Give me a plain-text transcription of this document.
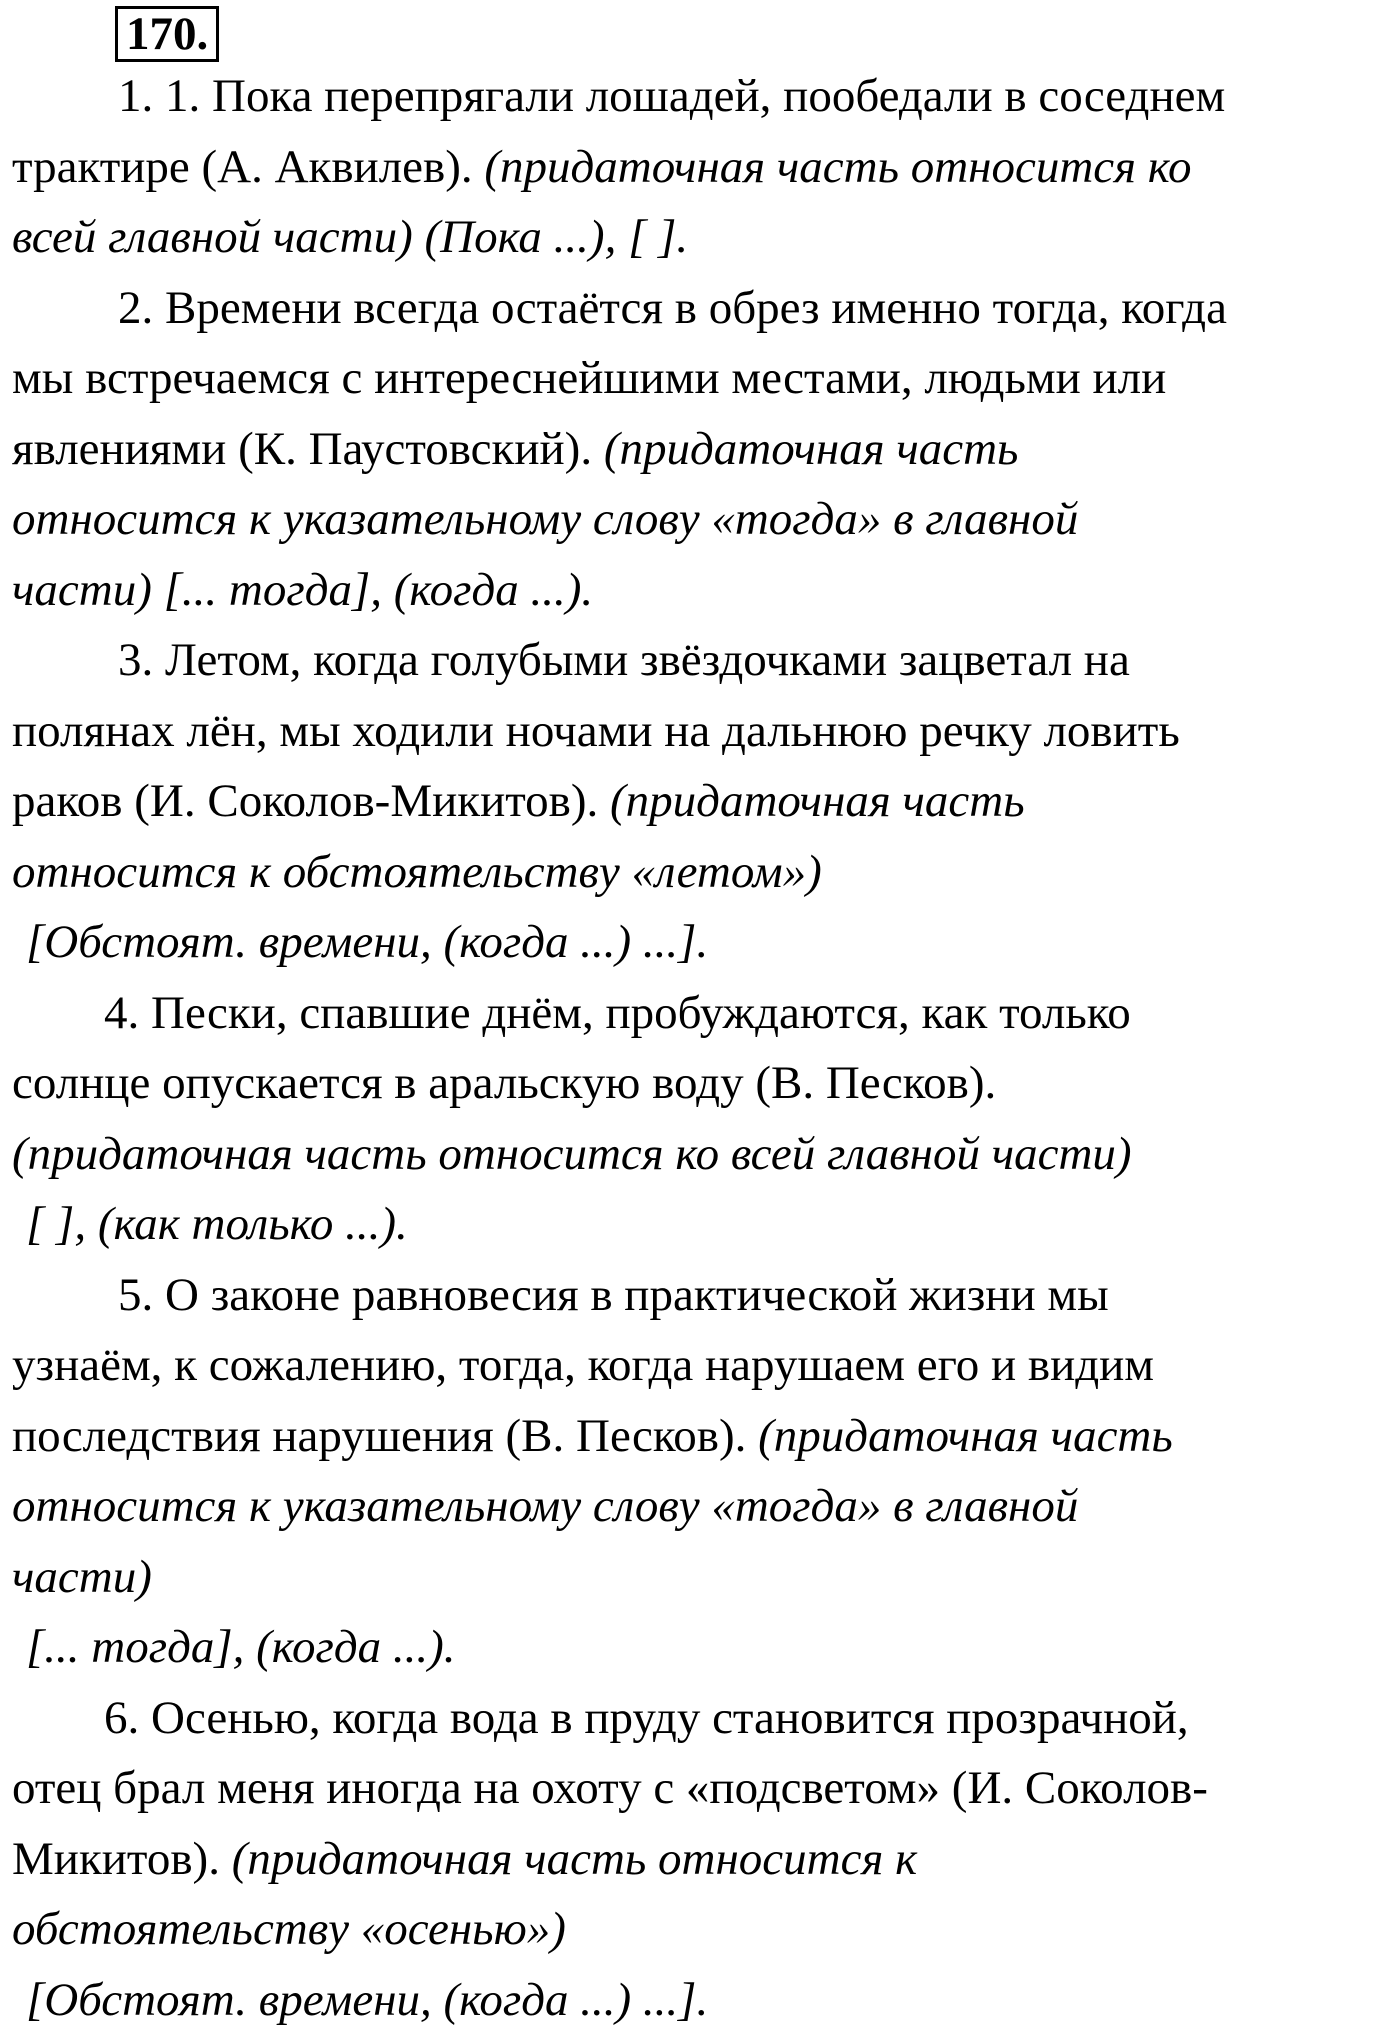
170.
1. 1. Пока перепрягали лошадей, пообедали в соседнем
трактире (А. Аквилев). (придаточная часть относится ко
всей главной части) (Пока ...), [ ].
2. Времени всегда остаётся в обрез именно тогда, когда
мы встречаемся с интереснейшими местами, людьми или
явлениями (К. Паустовский). (придаточная часть
относится к указательному слову «тогда» в главной
части) [... тогда], (когда ...).
3. Летом, когда голубыми звёздочками зацветал на
полянах лён, мы ходили ночами на дальнюю речку ловить
раков (И. Соколов-Микитов). (придаточная часть
относится к обстоятельству «летом»)
[Обстоят. времени, (когда ...) ...].
4. Пески, спавшие днём, пробуждаются, как только
солнце опускается в аральскую воду (В. Песков).
(придаточная часть относится ко всей главной части)
[ ], (как только ...).
5. О законе равновесия в практической жизни мы
узнаём, к сожалению, тогда, когда нарушаем его и видим
последствия нарушения (В. Песков). (придаточная часть
относится к указательному слову «тогда» в главной
части)
[... тогда], (когда ...).
6. Осенью, когда вода в пруду становится прозрачной,
отец брал меня иногда на охоту с «подсветом» (И. Соколов-
Микитов). (придаточная часть относится к
обстоятельству «осенью»)
[Обстоят. времени, (когда ...) ...].
